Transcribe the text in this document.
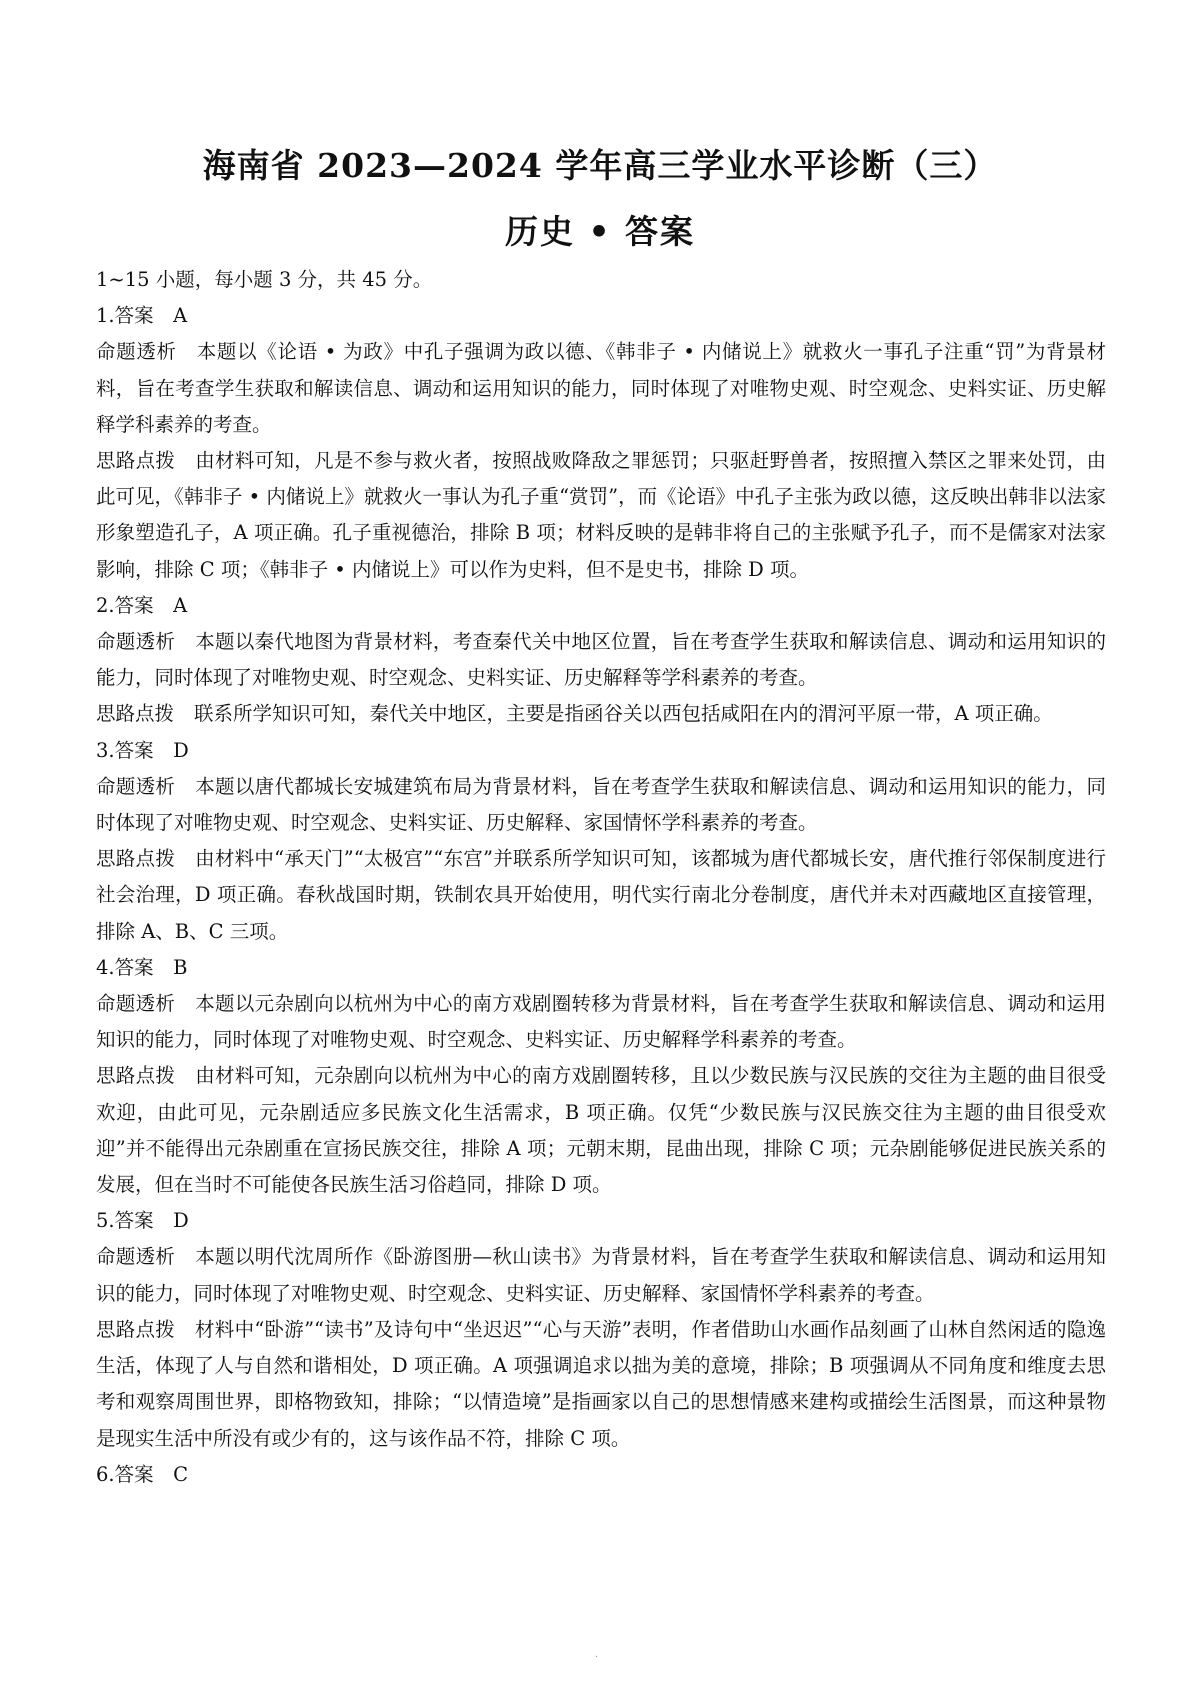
海南省 2023—2024 学年高三学业水平诊断（三）
历史 • 答案

1~15 小题，每小题 3 分，共 45 分。

1.答案　A

命题透析 本题以《论语 • 为政》中孔子强调为政以德、《韩非子 • 内储说上》就救火一事孔子注重“罚”为背景材料，旨在考查学生获取和解读信息、调动和运用知识的能力，同时体现了对唯物史观、时空观念、史料实证、历史解释学科素养的考查。

思路点拨 由材料可知，凡是不参与救火者，按照战败降敌之罪惩罚；只驱赶野兽者，按照擅入禁区之罪来处罚，由此可见，《韩非子 • 内储说上》就救火一事认为孔子重“赏罚”，而《论语》中孔子主张为政以德，这反映出韩非以法家形象塑造孔子，A 项正确。孔子重视德治，排除 B 项；材料反映的是韩非将自己的主张赋予孔子，而不是儒家对法家影响，排除 C 项；《韩非子 • 内储说上》可以作为史料，但不是史书，排除 D 项。

2.答案　A

命题透析 本题以秦代地图为背景材料，考查秦代关中地区位置，旨在考查学生获取和解读信息、调动和运用知识的能力，同时体现了对唯物史观、时空观念、史料实证、历史解释等学科素养的考查。

思路点拨 联系所学知识可知，秦代关中地区，主要是指函谷关以西包括咸阳在内的渭河平原一带，A 项正确。

3.答案　D

命题透析 本题以唐代都城长安城建筑布局为背景材料，旨在考查学生获取和解读信息、调动和运用知识的能力，同时体现了对唯物史观、时空观念、史料实证、历史解释、家国情怀学科素养的考查。

思路点拨 由材料中“承天门”“太极宫”“东宫”并联系所学知识可知，该都城为唐代都城长安，唐代推行邻保制度进行社会治理，D 项正确。春秋战国时期，铁制农具开始使用，明代实行南北分卷制度，唐代并未对西藏地区直接管理，排除 A、B、C 三项。

4.答案　B

命题透析 本题以元杂剧向以杭州为中心的南方戏剧圈转移为背景材料，旨在考查学生获取和解读信息、调动和运用知识的能力，同时体现了对唯物史观、时空观念、史料实证、历史解释学科素养的考查。

思路点拨 由材料可知，元杂剧向以杭州为中心的南方戏剧圈转移，且以少数民族与汉民族的交往为主题的曲目很受欢迎，由此可见，元杂剧适应多民族文化生活需求，B 项正确。仅凭“少数民族与汉民族交往为主题的曲目很受欢迎”并不能得出元杂剧重在宣扬民族交往，排除 A 项；元朝末期，昆曲出现，排除 C 项；元杂剧能够促进民族关系的发展，但在当时不可能使各民族生活习俗趋同，排除 D 项。

5.答案　D

命题透析 本题以明代沈周所作《卧游图册—秋山读书》为背景材料，旨在考查学生获取和解读信息、调动和运用知识的能力，同时体现了对唯物史观、时空观念、史料实证、历史解释、家国情怀学科素养的考查。

思路点拨 材料中“卧游”“读书”及诗句中“坐迟迟”“心与天游”表明，作者借助山水画作品刻画了山林自然闲适的隐逸生活，体现了人与自然和谐相处，D 项正确。A 项强调追求以拙为美的意境，排除；B 项强调从不同角度和维度去思考和观察周围世界，即格物致知，排除；“以情造境”是指画家以自己的思想情感来建构或描绘生活图景，而这种景物是现实生活中所没有或少有的，这与该作品不符，排除 C 项。

6.答案　C

·
